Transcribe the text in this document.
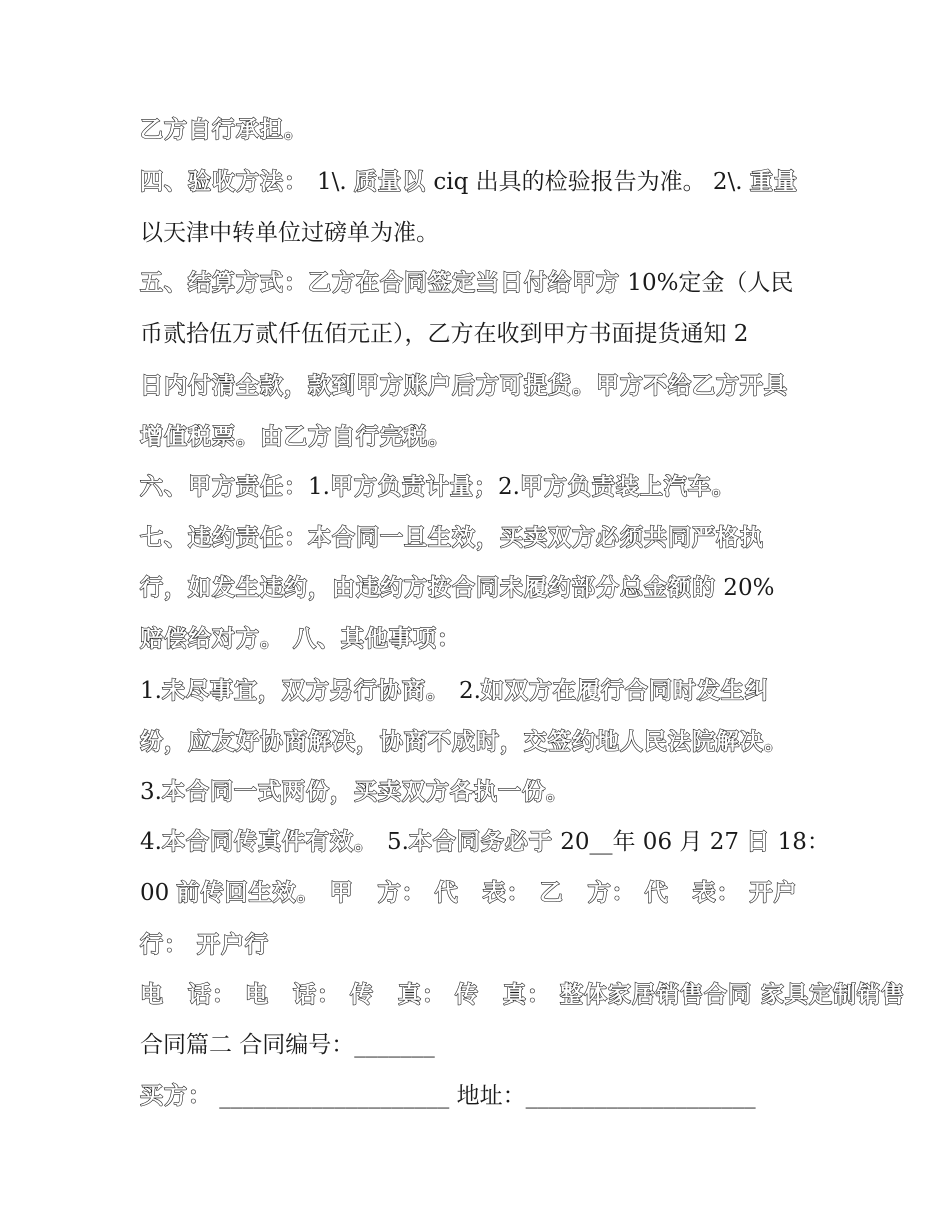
乙方自行承担。

四、验收方法： 1\. 质量以 ciq 出具的检验报告为准。 2\. 重量

以天津中转单位过磅单为准。

五、结算方式：乙方在合同签定当日付给甲方 10%定金（人民

币贰拾伍万贰仟伍佰元正），乙方在收到甲方书面提货通知 2

日内付清全款，款到甲方账户后方可提货。甲方不给乙方开具

增值税票。由乙方自行完税。

六、甲方责任：1.甲方负责计量；2.甲方负责装上汽车。

七、违约责任：本合同一旦生效，买卖双方必须共同严格执

行，如发生违约，由违约方按合同未履约部分总金额的 20%

赔偿给对方。 八、其他事项：

1.未尽事宜，双方另行协商。 2.如双方在履行合同时发生纠

纷，应友好协商解决，协商不成时，交签约地人民法院解决。

3.本合同一式两份，买卖双方各执一份。

4.本合同传真件有效。 5.本合同务必于 20__年 06 月 27 日 18：

00 前传回生效。 甲　方： 代　表： 乙　方： 代　表： 开户

行： 开户行

电　话： 电　话： 传　真： 传　真： 整体家居销售合同 家具定制销售

合同篇二 合同编号：_______

买方： ____________________ 地址：____________________
